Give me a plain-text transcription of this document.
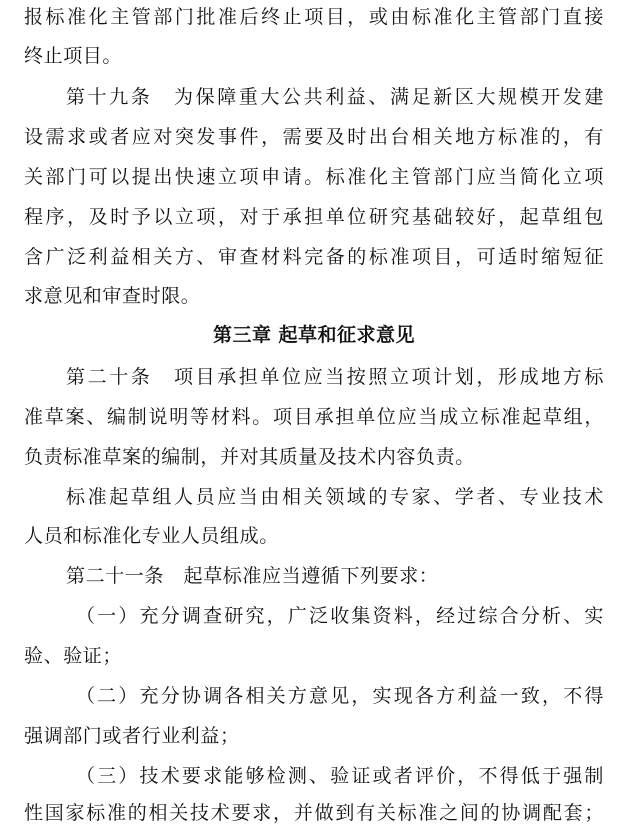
报标准化主管部门批准后终止项目，或由标准化主管部门直接
终止项目。
第十九条　为保障重大公共利益、满足新区大规模开发建
设需求或者应对突发事件，需要及时出台相关地方标准的，有
关部门可以提出快速立项申请。标准化主管部门应当简化立项
程序，及时予以立项，对于承担单位研究基础较好，起草组包
含广泛利益相关方、审查材料完备的标准项目，可适时缩短征
求意见和审查时限。
第三章 起草和征求意见
第二十条　项目承担单位应当按照立项计划，形成地方标
准草案、编制说明等材料。项目承担单位应当成立标准起草组，
负责标准草案的编制，并对其质量及技术内容负责。
标准起草组人员应当由相关领域的专家、学者、专业技术
人员和标准化专业人员组成。
第二十一条　起草标准应当遵循下列要求：
（一）充分调查研究，广泛收集资料，经过综合分析、实
验、验证；
（二）充分协调各相关方意见，实现各方利益一致，不得
强调部门或者行业利益；
（三）技术要求能够检测、验证或者评价，不得低于强制
性国家标准的相关技术要求，并做到有关标准之间的协调配套；
